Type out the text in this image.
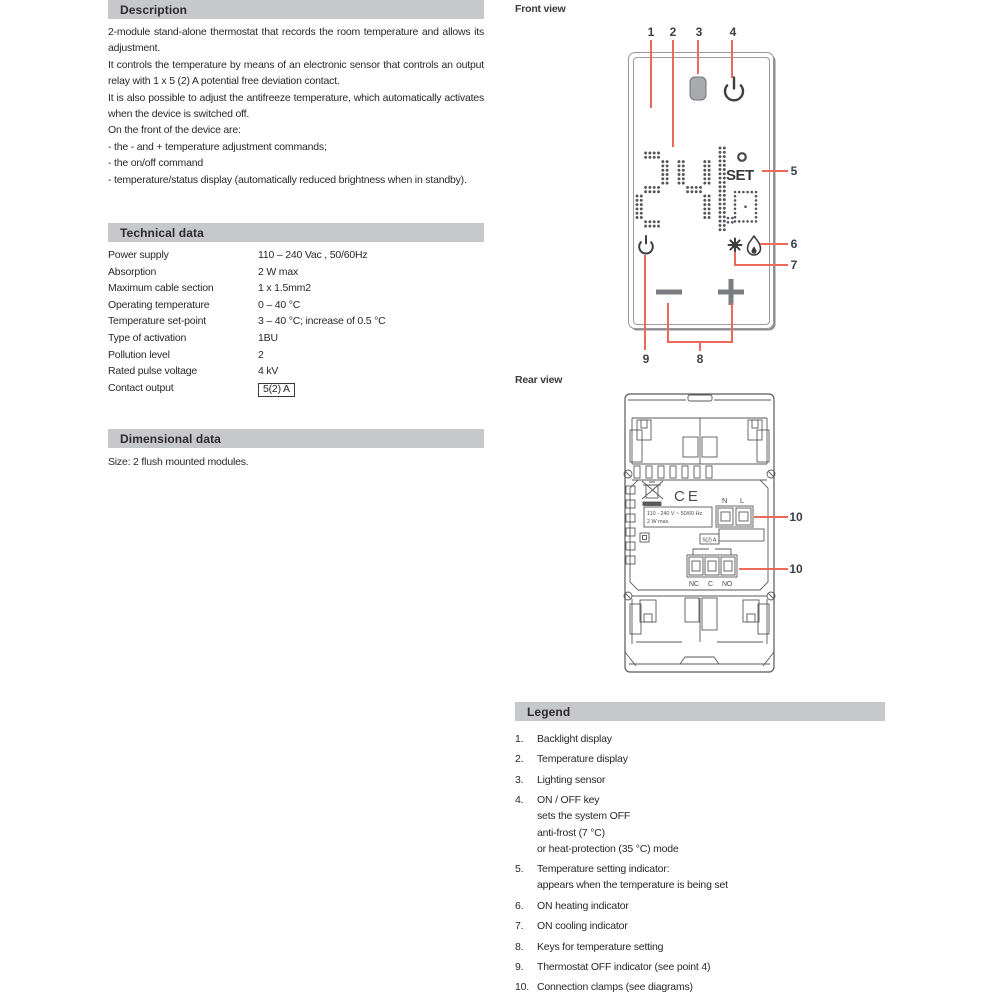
Description

2-module stand-alone thermostat that records the room temperature and allows its adjustment.

It controls the temperature by means of an electronic sensor that controls an output relay with 1 x 5 (2) A potential free deviation contact.

It is also possible to adjust the antifreeze temperature, which automatically activates when the device is switched off.

On the front of the device are:

- the - and + temperature adjustment commands;

- the on/off command

- temperature/status display (automatically reduced brightness when in standby).

Technical data
Power supply	110 – 240 Vac , 50/60Hz
Absorption	2 W max
Maximum cable section	1 x 1.5mm2
Operating temperature	0 – 40 °C
Temperature set-point	3 – 40 °C; increase of 0.5 °C
Type of activation	1BU
Pollution level	2
Rated pulse voltage	4 kV
Contact output	5(2) A
Dimensional data
Size: 2 flush mounted modules.
Front view
SET
1	2	3	4
5
6
7
8
9
Rear view
CE
110 - 240 V ~ 50/60 Hz
2 W max.
N L
5(2) A
NC C NO
10
10
Legend
1.	Backlight display
2.	Temperature display
3.	Lighting sensor
4.	ON / OFF key
sets the system OFF
anti-frost (7 °C)
or heat-protection (35 °C) mode
5.	Temperature setting indicator:
appears when the temperature is being set
6.	ON heating indicator
7.	ON cooling indicator
8.	Keys for temperature setting
9.	Thermostat OFF indicator (see point 4)
10. Connection clamps (see diagrams)
